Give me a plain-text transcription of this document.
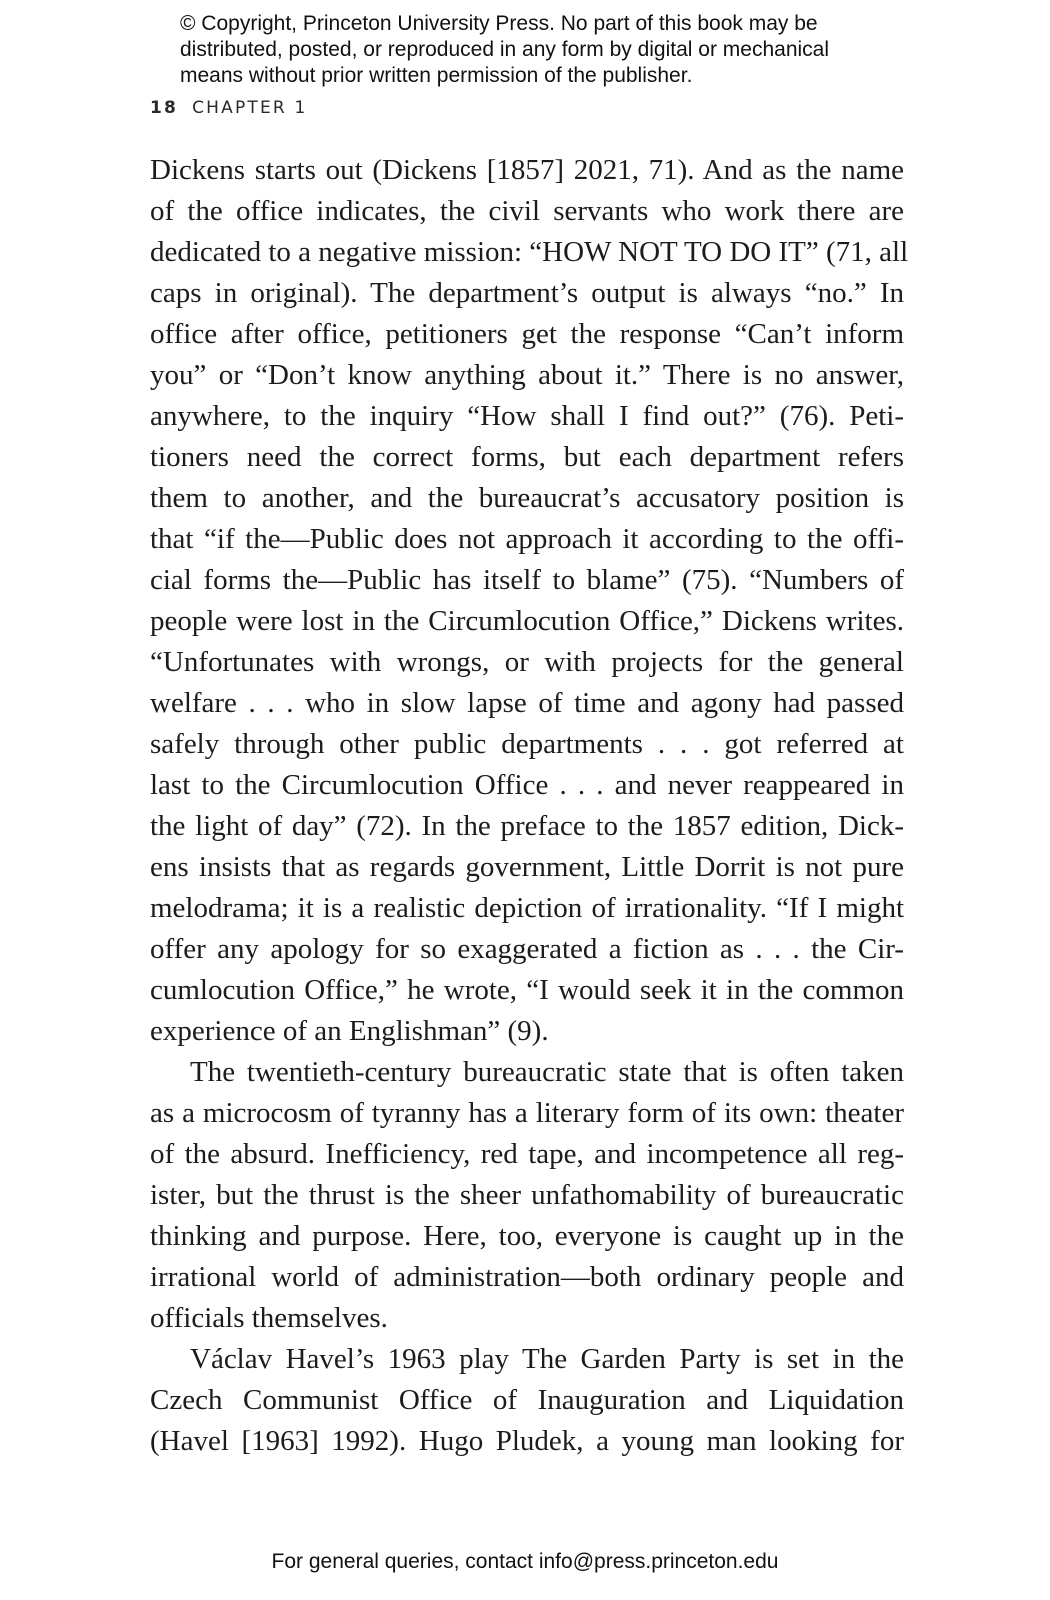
© Copyright, Princeton University Press. No part of this book may be
distributed, posted, or reproduced in any form by digital or mechanical
means without prior written permission of the publisher.
18 CHAPTER 1
Dickens starts out (Dickens [1857] 2021, 71). And as the name
of the office indicates, the civil servants who work there are
dedicated to a negative mission: “HOW NOT TO DO IT” (71, all
caps in original). The department’s output is always “no.” In
office after office, petitioners get the response “Can’t inform
you” or “Don’t know anything about it.” There is no answer,
anywhere, to the inquiry “How shall I find out?” (76). Peti-
tioners need the correct forms, but each department refers
them to another, and the bureaucrat’s accusatory position is
that “if the—Public does not approach it according to the offi-
cial forms the—Public has itself to blame” (75). “Numbers of
people were lost in the Circumlocution Office,” Dickens writes.
“Unfortunates with wrongs, or with projects for the general
welfare . . . who in slow lapse of time and agony had passed
safely through other public departments . . . got referred at
last to the Circumlocution Office . . . and never reappeared in
the light of day” (72). In the preface to the 1857 edition, Dick-
ens insists that as regards government, Little Dorrit is not pure
melodrama; it is a realistic depiction of irrationality. “If I might
offer any apology for so exaggerated a fiction as . . . the Cir-
cumlocution Office,” he wrote, “I would seek it in the common
experience of an Englishman” (9).
The twentieth-century bureaucratic state that is often taken
as a microcosm of tyranny has a literary form of its own: theater
of the absurd. Inefficiency, red tape, and incompetence all reg-
ister, but the thrust is the sheer unfathomability of bureaucratic
thinking and purpose. Here, too, everyone is caught up in the
irrational world of administration—both ordinary people and
officials themselves.
Václav Havel’s 1963 play The Garden Party is set in the
Czech Communist Office of Inauguration and Liquidation
(Havel [1963] 1992). Hugo Pludek, a young man looking for
For general queries, contact info@press.princeton.edu
